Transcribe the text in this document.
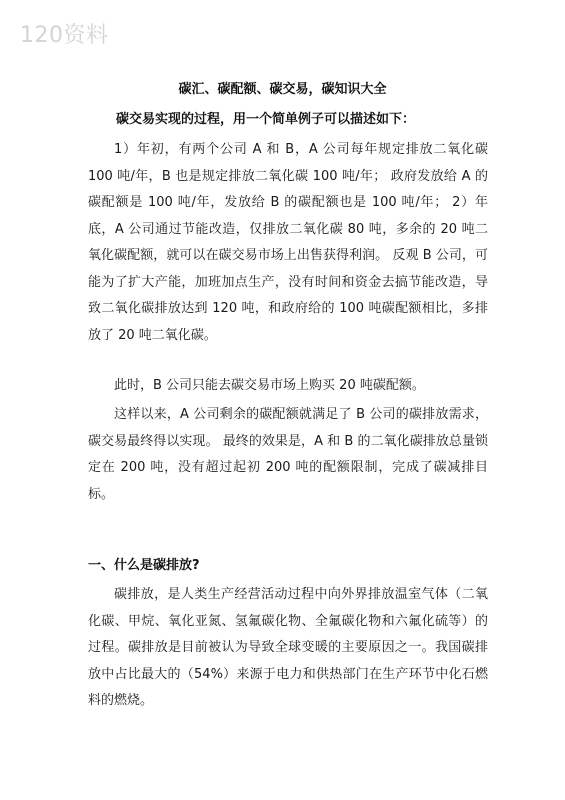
120资料
碳汇、碳配额、碳交易，碳知识大全
碳交易实现的过程，用一个简单例子可以描述如下：
1）年初，有两个公司 A 和 B，A 公司每年规定排放二氧化碳 100 吨/年，B 也是规定排放二氧化碳 100 吨/年； 政府发放给 A 的碳配额是 100 吨/年，发放给 B 的碳配额也是 100 吨/年； 2）年底，A 公司通过节能改造，仅排放二氧化碳 80 吨，多余的 20 吨二氧化碳配额，就可以在碳交易市场上出售获得利润。 反观 B 公司，可能为了扩大产能，加班加点生产，没有时间和资金去搞节能改造，导致二氧化碳排放达到 120 吨，和政府给的 100 吨碳配额相比，多排放了 20 吨二氧化碳。
此时，B 公司只能去碳交易市场上购买 20 吨碳配额。
这样以来，A 公司剩余的碳配额就满足了 B 公司的碳排放需求，碳交易最终得以实现。 最终的效果是，A 和 B 的二氧化碳排放总量锁定在 200 吨，没有超过起初 200 吨的配额限制，完成了碳减排目标。
一、什么是碳排放?
碳排放，是人类生产经营活动过程中向外界排放温室气体（二氧化碳、甲烷、氧化亚氮、氢氟碳化物、全氟碳化物和六氟化硫等）的过程。碳排放是目前被认为导致全球变暖的主要原因之一。我国碳排放中占比最大的（54%）来源于电力和供热部门在生产环节中化石燃料的燃烧。
